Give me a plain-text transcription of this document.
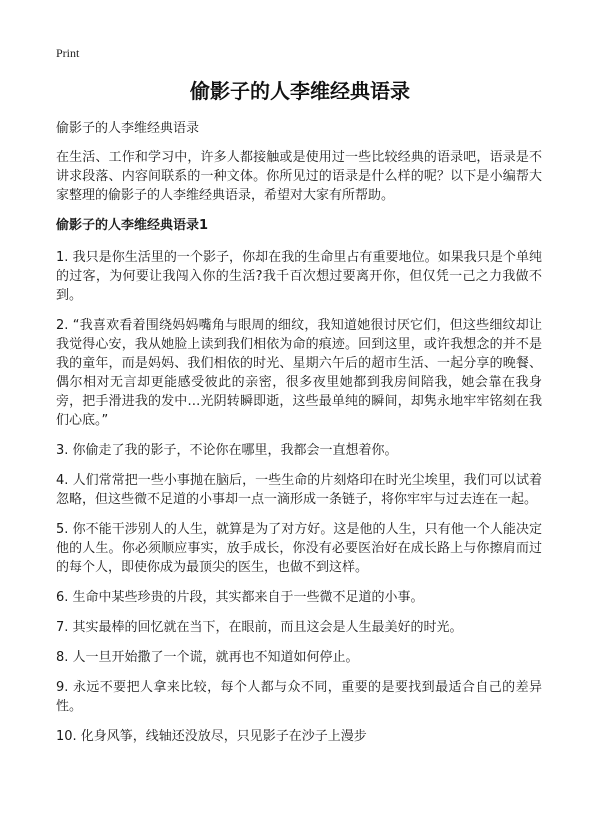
Print
偷影子的人李维经典语录

偷影子的人李维经典语录

在生活、工作和学习中，许多人都接触或是使用过一些比较经典的语录吧，语录是不讲求段落、内容间联系的一种文体。你所见过的语录是什么样的呢？以下是小编帮大家整理的偷影子的人李维经典语录，希望对大家有所帮助。

偷影子的人李维经典语录1

1. 我只是你生活里的一个影子，你却在我的生命里占有重要地位。如果我只是个单纯的过客，为何要让我闯入你的生活?我千百次想过要离开你，但仅凭一己之力我做不到。

2. “我喜欢看着围绕妈妈嘴角与眼周的细纹，我知道她很讨厌它们，但这些细纹却让我觉得心安，我从她脸上读到我们相依为命的痕迹。回到这里，或许我想念的并不是我的童年，而是妈妈、我们相依的时光、星期六午后的超市生活、一起分享的晚餐、偶尔相对无言却更能感受彼此的亲密，很多夜里她都到我房间陪我，她会靠在我身旁，把手滑进我的发中…光阴转瞬即逝，这些最单纯的瞬间，却隽永地牢牢铭刻在我们心底。”

3. 你偷走了我的影子，不论你在哪里，我都会一直想着你。

4. 人们常常把一些小事抛在脑后，一些生命的片刻烙印在时光尘埃里，我们可以试着忽略，但这些微不足道的小事却一点一滴形成一条链子，将你牢牢与过去连在一起。

5. 你不能干涉别人的人生，就算是为了对方好。这是他的人生，只有他一个人能决定他的人生。你必须顺应事实，放手成长，你没有必要医治好在成长路上与你擦肩而过的每个人，即使你成为最顶尖的医生，也做不到这样。

6. 生命中某些珍贵的片段，其实都来自于一些微不足道的小事。

7. 其实最棒的回忆就在当下，在眼前，而且这会是人生最美好的时光。

8. 人一旦开始撒了一个谎，就再也不知道如何停止。

9. 永远不要把人拿来比较，每个人都与众不同，重要的是要找到最适合自己的差异性。

10. 化身风筝，线轴还没放尽，只见影子在沙子上漫步
